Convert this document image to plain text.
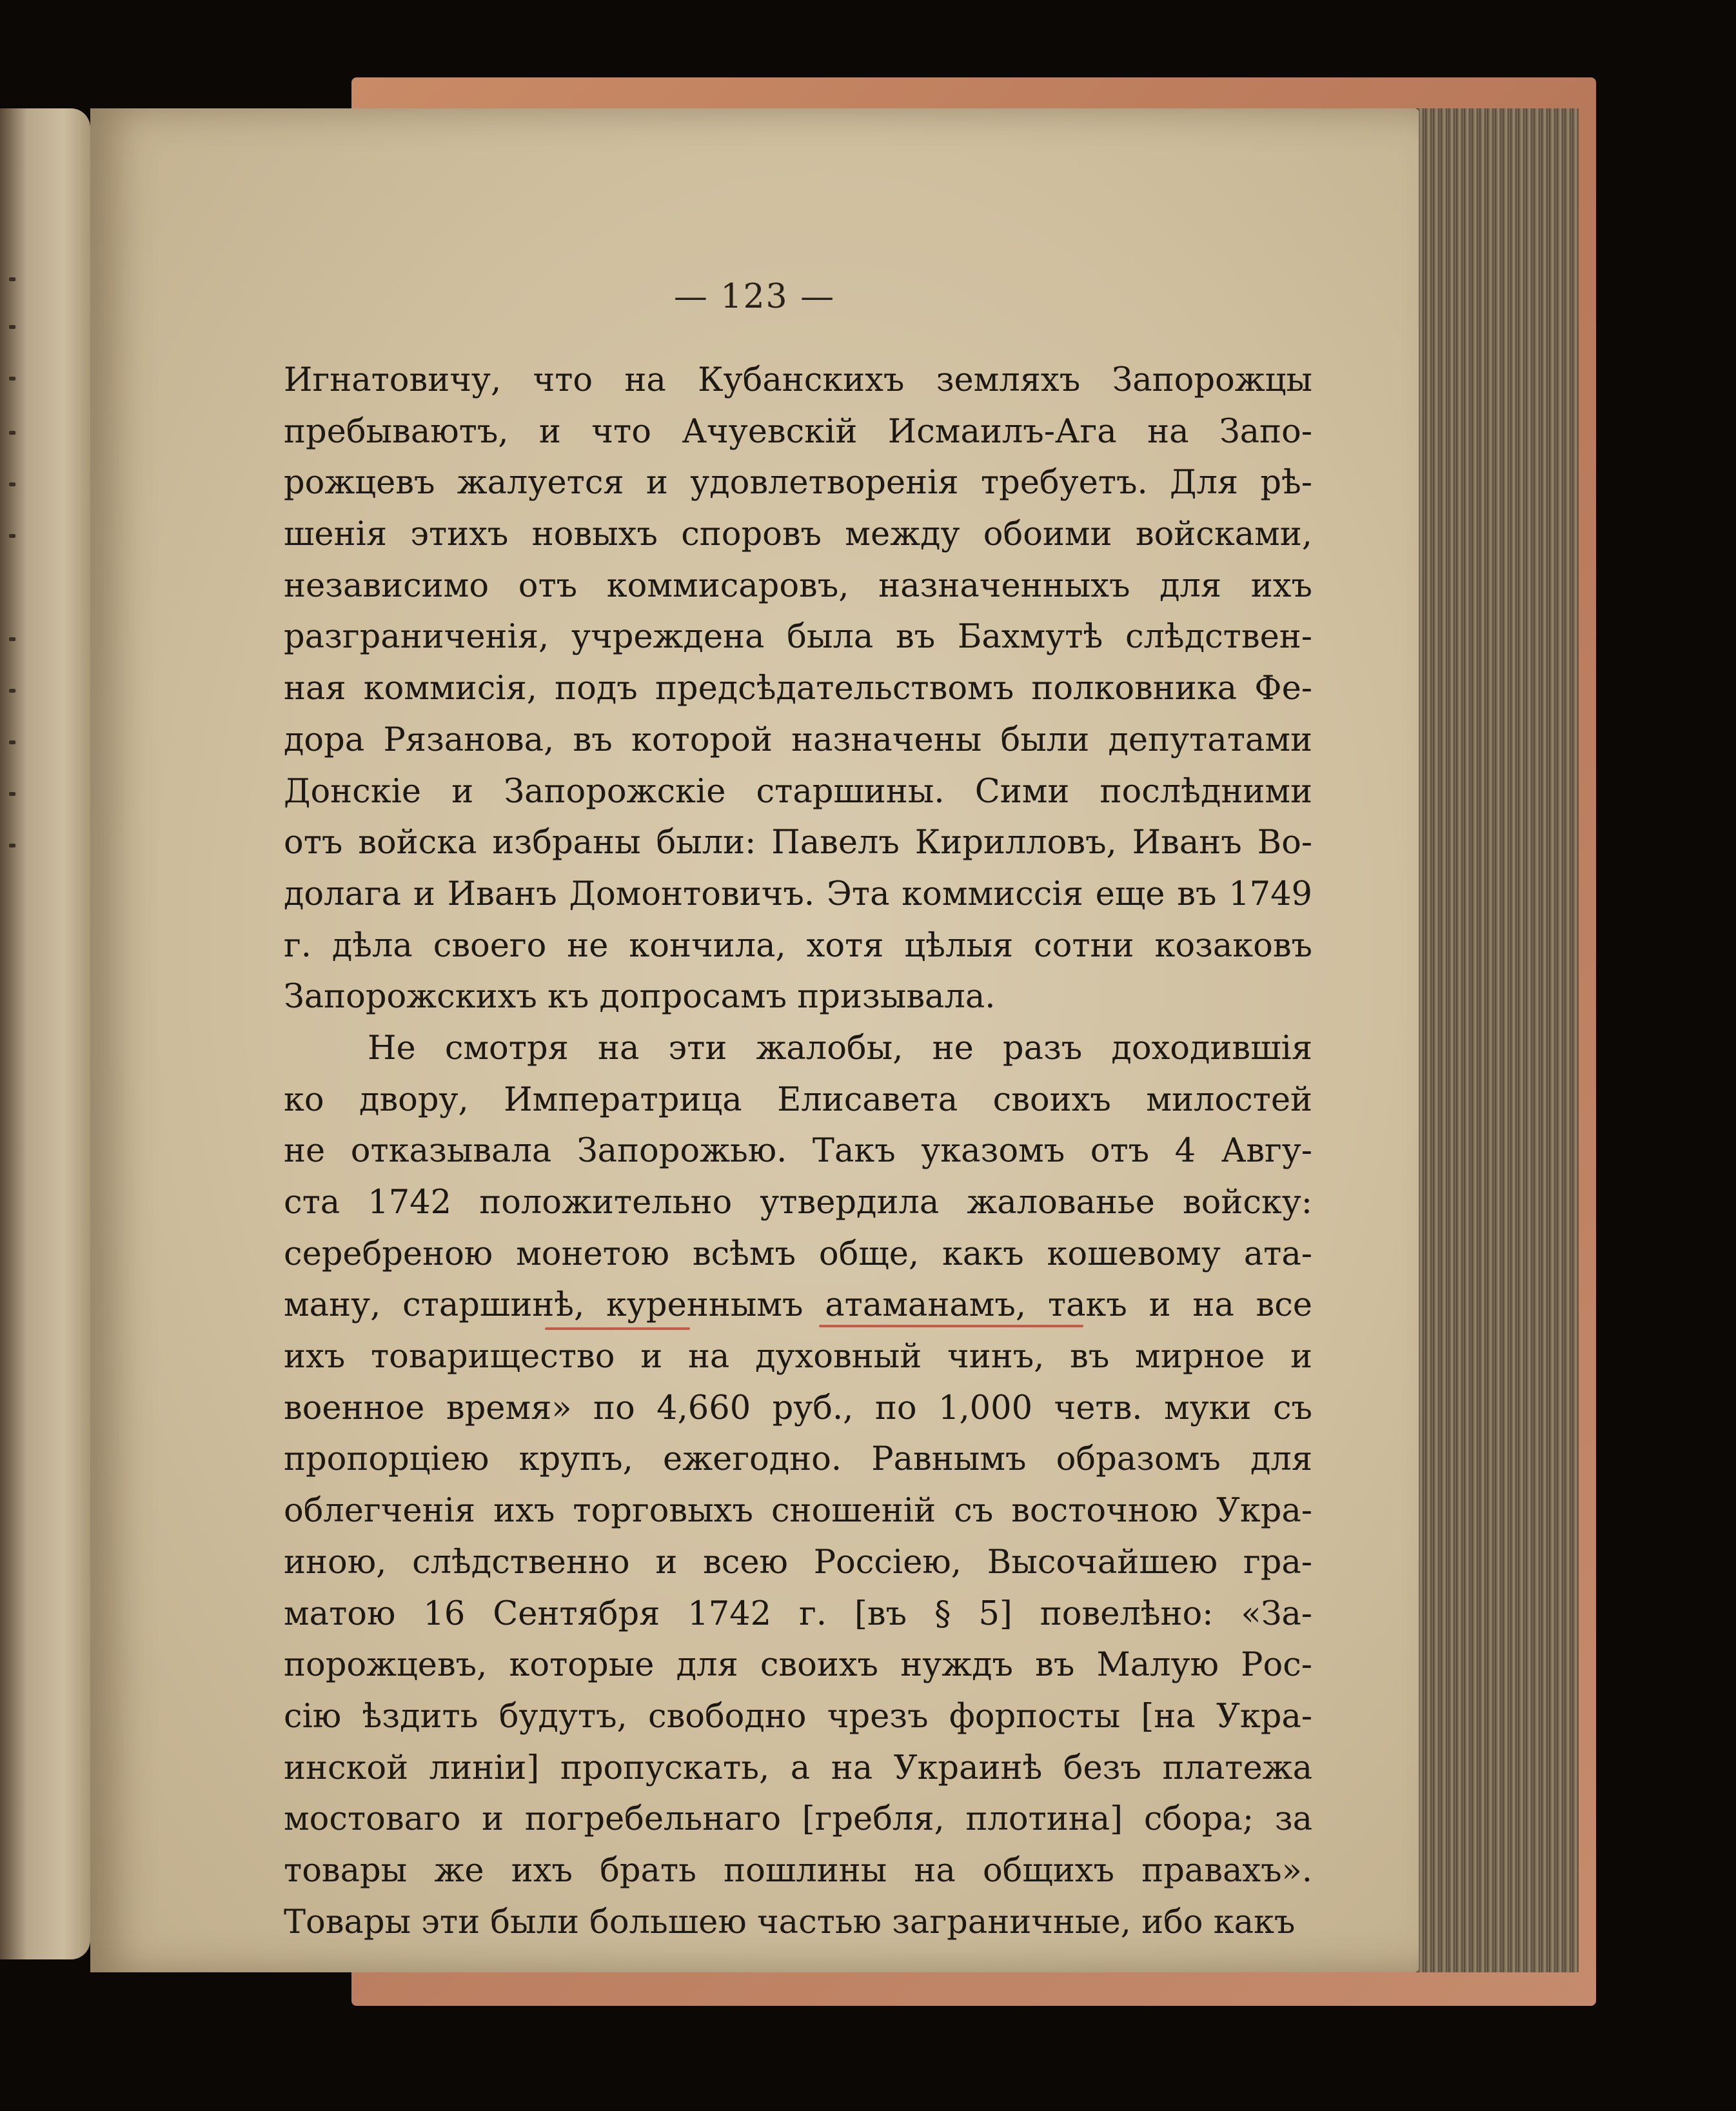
— 123 —
Игнатовичу, что на Кубанскихъ земляхъ Запорожцы
пребываютъ, и что Ачуевскій Исмаилъ-Ага на Запо-
рожцевъ жалуется и удовлетворенія требуетъ. Для рѣ-
шенія этихъ новыхъ споровъ между обоими войсками,
независимо отъ коммисаровъ, назначенныхъ для ихъ
разграниченія, учреждена была въ Бахмутѣ слѣдствен-
ная коммисія, подъ предсѣдательствомъ полковника Фе-
дора Рязанова, въ которой назначены были депутатами
Донскіе и Запорожскіе старшины. Сими послѣдними
отъ войска избраны были: Павелъ Кирилловъ, Иванъ Во-
долага и Иванъ Домонтовичъ. Эта коммиссія еще въ 1749
г. дѣла своего не кончила, хотя цѣлыя сотни козаковъ
Запорожскихъ къ допросамъ призывала.
Не смотря на эти жалобы, не разъ доходившія
ко двору, Императрица Елисавета своихъ милостей
не отказывала Запорожью. Такъ указомъ отъ 4 Авгу-
ста 1742 положительно утвердила жалованье войску:
серебреною монетою всѣмъ обще, какъ кошевому ата-
ману, старшинѣ, куреннымъ атаманамъ, такъ и на все
ихъ товарищество и на духовный чинъ, въ мирное и
военное время» по 4,660 руб., по 1,000 четв. муки съ
пропорціею крупъ, ежегодно. Равнымъ образомъ для
облегченія ихъ торговыхъ сношеній съ восточною Укра-
иною, слѣдственно и всею Россіею, Высочайшею гра-
матою 16 Сентября 1742 г. [въ § 5] повелѣно: «За-
порожцевъ, которые для своихъ нуждъ въ Малую Рос-
сію ѣздить будутъ, свободно чрезъ форпосты [на Укра-
инской линіи] пропускать, а на Украинѣ безъ платежа
мостоваго и погребельнаго [гребля, плотина] сбора; за
товары же ихъ брать пошлины на общихъ правахъ».
Товары эти были большею частью заграничные, ибо какъ
